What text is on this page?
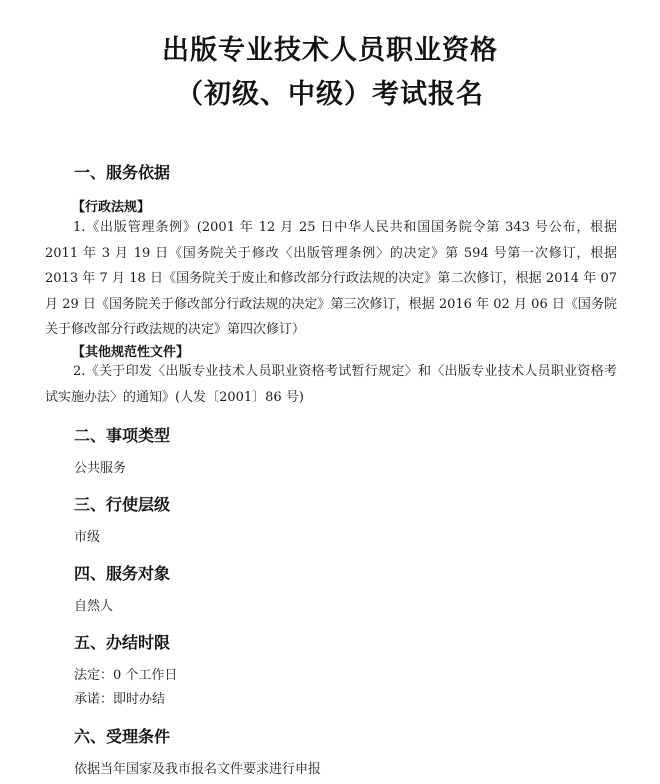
出版专业技术人员职业资格
（初级、中级）考试报名
一、服务依据
【行政法规】
1.《出版管理条例》(2001 年 12 月 25 日中华人民共和国国务院令第 343 号公布，根据 2011 年 3 月 19 日《国务院关于修改〈出版管理条例〉的决定》第 594 号第一次修订，根据 2013 年 7 月 18 日《国务院关于废止和修改部分行政法规的决定》第二次修订，根据 2014 年 07 月 29 日《国务院关于修改部分行政法规的决定》第三次修订，根据 2016 年 02 月 06 日《国务院关于修改部分行政法规的决定》第四次修订）
【其他规范性文件】
2.《关于印发〈出版专业技术人员职业资格考试暂行规定〉和〈出版专业技术人员职业资格考试实施办法〉的通知》(人发〔2001〕86 号)
二、事项类型
公共服务
三、行使层级
市级
四、服务对象
自然人
五、办结时限
法定：0 个工作日
承诺：即时办结
六、受理条件
依据当年国家及我市报名文件要求进行申报
